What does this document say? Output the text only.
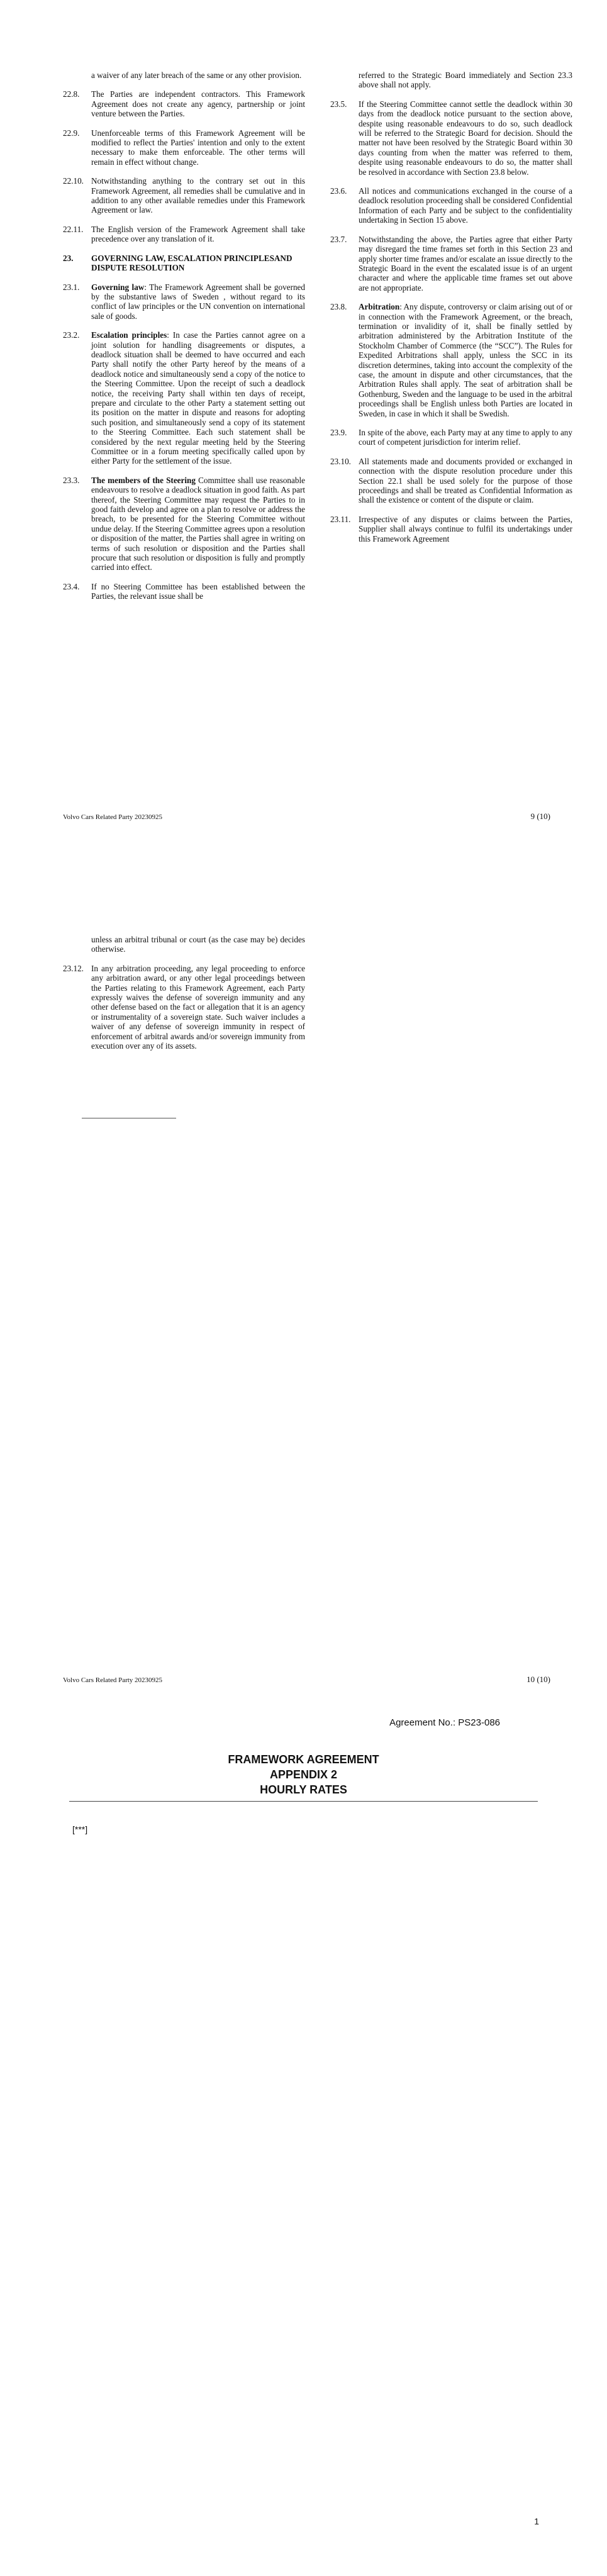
a waiver of any later breach of the same or any other provision.
22.8.	The Parties are independent contractors. This Framework Agreement does not create any agency, partnership or joint venture between the Parties.
22.9.	Unenforceable terms of this Framework Agreement will be modified to reflect the Parties' intention and only to the extent necessary to make them enforceable. The other terms will remain in effect without change.
22.10. Notwithstanding anything to the contrary set out in this Framework Agreement, all remedies shall be cumulative and in addition to any other available remedies under this Framework Agreement or law.
22.11. The English version of the Framework Agreement shall take precedence over any translation of it.
23.	GOVERNING LAW, ESCALATION PRINCIPLESAND DISPUTE RESOLUTION
23.1.	Governing law: The Framework Agreement shall be governed by the substantive laws of Sweden , without regard to its conflict of law principles or the UN convention on international sale of goods.
23.2.	Escalation principles: In case the Parties cannot agree on a joint solution for handling disagreements or disputes, a deadlock situation shall be deemed to have occurred and each Party shall notify the other Party hereof by the means of a deadlock notice and simultaneously send a copy of the notice to the Steering Committee. Upon the receipt of such a deadlock notice, the receiving Party shall within ten days of receipt, prepare and circulate to the other Party a statement setting out its position on the matter in dispute and reasons for adopting such position, and simultaneously send a copy of its statement to the Steering Committee. Each such statement shall be considered by the next regular meeting held by the Steering Committee or in a forum meeting specifically called upon by either Party for the settlement of the issue.
23.3.	The members of the Steering Committee shall use reasonable endeavours to resolve a deadlock situation in good faith. As part thereof, the Steering Committee may request the Parties to in good faith develop and agree on a plan to resolve or address the breach, to be presented for the Steering Committee without undue delay. If the Steering Committee agrees upon a resolution or disposition of the matter, the Parties shall agree in writing on terms of such resolution or disposition and the Parties shall procure that such resolution or disposition is fully and promptly carried into effect.
23.4.	If no Steering Committee has been established between the Parties, the relevant issue shall be
referred to the Strategic Board immediately and Section 23.3 above shall not apply.
23.5.	If the Steering Committee cannot settle the deadlock within 30 days from the deadlock notice pursuant to the section above, despite using reasonable endeavours to do so, such deadlock will be referred to the Strategic Board for decision. Should the matter not have been resolved by the Strategic Board within 30 days counting from when the matter was referred to them, despite using reasonable endeavours to do so, the matter shall be resolved in accordance with Section 23.8 below.
23.6.	All notices and communications exchanged in the course of a deadlock resolution proceeding shall be considered Confidential Information of each Party and be subject to the confidentiality undertaking in Section 15 above.
23.7.	Notwithstanding the above, the Parties agree that either Party may disregard the time frames set forth in this Section 23 and apply shorter time frames and/or escalate an issue directly to the Strategic Board in the event the escalated issue is of an urgent character and where the applicable time frames set out above are not appropriate.
23.8.	Arbitration: Any dispute, controversy or claim arising out of or in connection with the Framework Agreement, or the breach, termination or invalidity of it, shall be finally settled by arbitration administered by the Arbitration Institute of the Stockholm Chamber of Commerce (the “SCC”). The Rules for Expedited Arbitrations shall apply, unless the SCC in its discretion determines, taking into account the complexity of the case, the amount in dispute and other circumstances, that the Arbitration Rules shall apply. The seat of arbitration shall be Gothenburg, Sweden and the language to be used in the arbitral proceedings shall be English unless both Parties are located in Sweden, in case in which it shall be Swedish.
23.9.	In spite of the above, each Party may at any time to apply to any court of competent jurisdiction for interim relief.
23.10. All statements made and documents provided or exchanged in connection with the dispute resolution procedure under this Section 22.1 shall be used solely for the purpose of those proceedings and shall be treated as Confidential Information as shall the existence or content of the dispute or claim.
23.11. Irrespective of any disputes or claims between the Parties, Supplier shall always continue to fulfil its undertakings under this Framework Agreement
Volvo Cars Related Party 20230925	9 (10)
unless an arbitral tribunal or court (as the case may be) decides otherwise.
23.12. In any arbitration proceeding, any legal proceeding to enforce any arbitration award, or any other legal proceedings between the Parties relating to this Framework Agreement, each Party expressly waives the defense of sovereign immunity and any other defense based on the fact or allegation that it is an agency or instrumentality of a sovereign state. Such waiver includes a waiver of any defense of sovereign immunity in respect of enforcement of arbitral awards and/or sovereign immunity from execution over any of its assets.
Volvo Cars Related Party 20230925	10 (10)
Agreement No.: PS23-086
FRAMEWORK AGREEMENT
APPENDIX 2
HOURLY RATES
[***]
1
